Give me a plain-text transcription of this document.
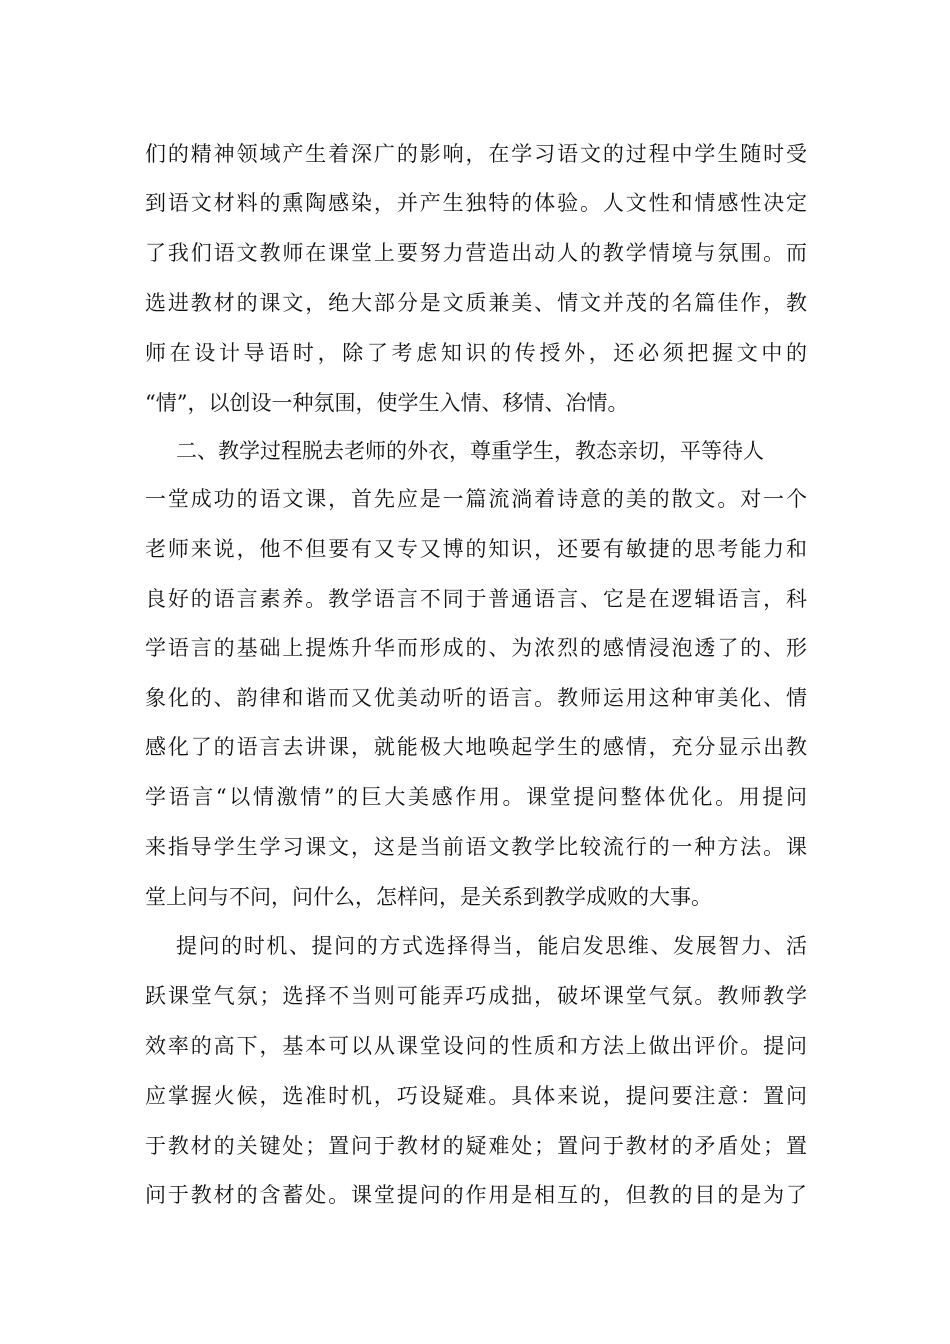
们的精神领域产生着深广的影响，在学习语文的过程中学生随时受
到语文材料的熏陶感染，并产生独特的体验。人文性和情感性决定
了我们语文教师在课堂上要努力营造出动人的教学情境与氛围。而
选进教材的课文，绝大部分是文质兼美、情文并茂的名篇佳作，教
师在设计导语时，除了考虑知识的传授外，还必须把握文中的
“情”，以创设一种氛围，使学生入情、移情、冶情。
二、教学过程脱去老师的外衣，尊重学生，教态亲切，平等待人
一堂成功的语文课，首先应是一篇流淌着诗意的美的散文。对一个
老师来说，他不但要有又专又博的知识，还要有敏捷的思考能力和
良好的语言素养。教学语言不同于普通语言、它是在逻辑语言，科
学语言的基础上提炼升华而形成的、为浓烈的感情浸泡透了的、形
象化的、韵律和谐而又优美动听的语言。教师运用这种审美化、情
感化了的语言去讲课，就能极大地唤起学生的感情，充分显示出教
学语言“以情激情”的巨大美感作用。课堂提问整体优化。用提问
来指导学生学习课文，这是当前语文教学比较流行的一种方法。课
堂上问与不问，问什么，怎样问，是关系到教学成败的大事。
提问的时机、提问的方式选择得当，能启发思维、发展智力、活
跃课堂气氛；选择不当则可能弄巧成拙，破坏课堂气氛。教师教学
效率的高下，基本可以从课堂设问的性质和方法上做出评价。提问
应掌握火候，选准时机，巧设疑难。具体来说，提问要注意：置问
于教材的关键处；置问于教材的疑难处；置问于教材的矛盾处；置
问于教材的含蓄处。课堂提问的作用是相互的，但教的目的是为了
